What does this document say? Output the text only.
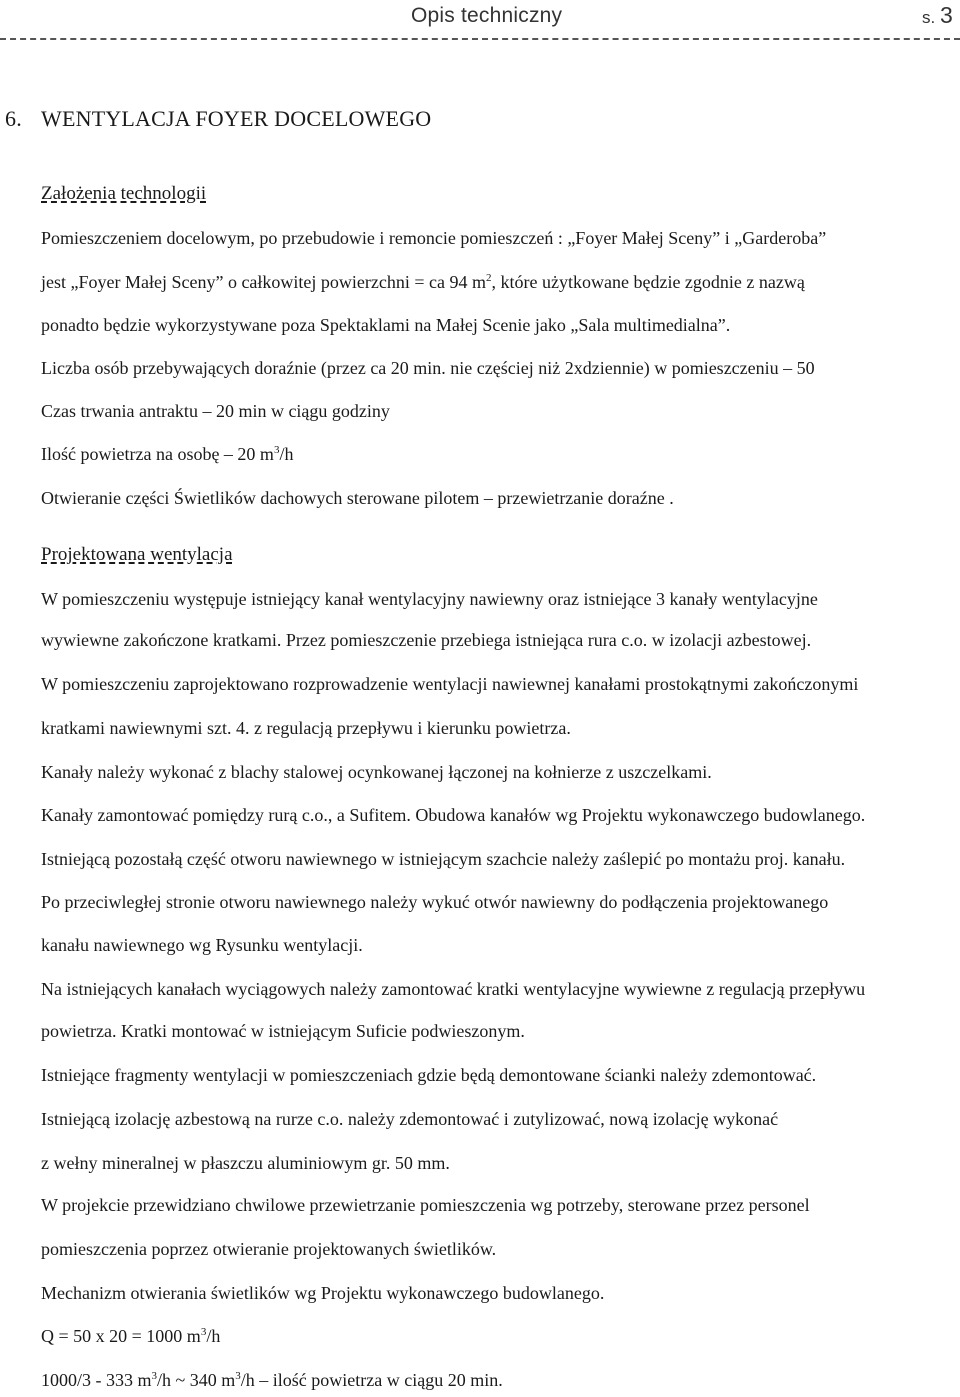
Opis techniczny	s. 3
6. WENTYLACJA FOYER DOCELOWEGO
Założenia technologii
Pomieszczeniem docelowym, po przebudowie i remoncie pomieszczeń : „Foyer Małej Sceny” i „Garderoba”
jest „Foyer Małej Sceny” o całkowitej powierzchni = ca 94 $m^2$, które użytkowane będzie zgodnie z nazwą
ponadto będzie wykorzystywane poza Spektaklami na Małej Scenie jako „Sala multimedialna”.
Liczba osób przebywających doraźnie (przez ca 20 min. nie częściej niż 2xdziennie) w pomieszczeniu – 50
Czas trwania antraktu – 20 min w ciągu godziny
Ilość powietrza na osobę – 20 $m^3/h$
Otwieranie części Świetlików dachowych sterowane pilotem – przewietrzanie doraźne .
Projektowana wentylacja
W pomieszczeniu występuje istniejący kanał wentylacyjny nawiewny oraz istniejące 3 kanały wentylacyjne
wywiewne zakończone kratkami. Przez pomieszczenie przebiega istniejąca rura c.o. w izolacji azbestowej.
W pomieszczeniu zaprojektowano rozprowadzenie wentylacji nawiewnej kanałami prostokątnymi zakończonymi
kratkami nawiewnymi szt. 4. z regulacją przepływu i kierunku powietrza.
Kanały należy wykonać z blachy stalowej ocynkowanej łączonej na kołnierze z uszczelkami.
Kanały zamontować pomiędzy rurą c.o., a Sufitem. Obudowa kanałów wg Projektu wykonawczego budowlanego.
Istniejącą pozostałą część otworu nawiewnego w istniejącym szachcie należy zaślepić po montażu proj. kanału.
Po przeciwległej stronie otworu nawiewnego należy wykuć otwór nawiewny do podłączenia projektowanego
kanału nawiewnego wg Rysunku wentylacji.
Na istniejących kanałach wyciągowych należy zamontować kratki wentylacyjne wywiewne z regulacją przepływu
powietrza. Kratki montować w istniejącym Suficie podwieszonym.
Istniejące fragmenty wentylacji w pomieszczeniach gdzie będą demontowane ścianki należy zdemontować.
Istniejącą izolację azbestową na rurze c.o. należy zdemontować i zutylizować, nową izolację wykonać
z wełny mineralnej w płaszczu aluminiowym gr. 50 mm.
W projekcie przewidziano chwilowe przewietrzanie pomieszczenia wg potrzeby, sterowane przez personel
pomieszczenia poprzez otwieranie projektowanych świetlików.
Mechanizm otwierania świetlików wg Projektu wykonawczego budowlanego.
Q = 50 x 20 = 1000 $m^3/h$
1000/3 - 333 $m^3/h$ ~ 340 $m^3/h$ – ilość powietrza w ciągu 20 min.
